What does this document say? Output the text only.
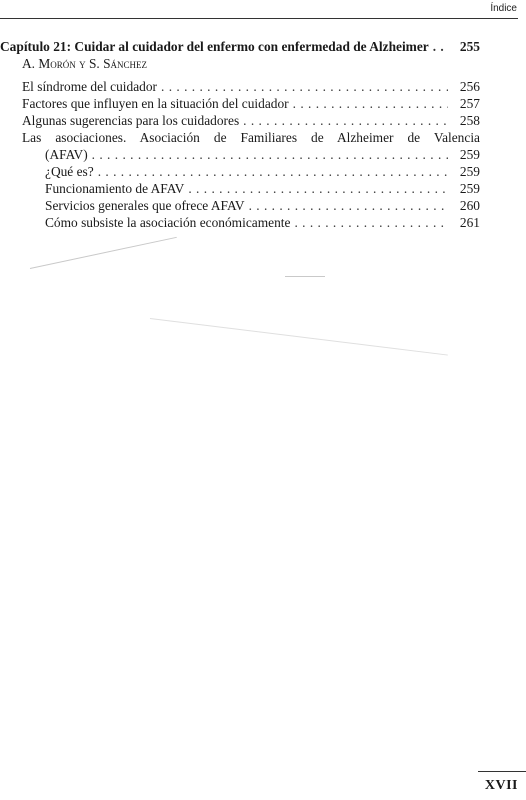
Índice
Capítulo 21: Cuidar al cuidador del enfermo con enfermedad de Alzheimer . . .	255
A. Morón y S. Sánchez
El síndrome del cuidador . . .	256
Factores que influyen en la situación del cuidador . . .	257
Algunas sugerencias para los cuidadores . . .	258
Las asociaciones. Asociación de Familiares de Alzheimer de Valencia
(AFAV) . . .	259
¿Qué es? . . .	259
Funcionamiento de AFAV . . .	259
Servicios generales que ofrece AFAV . . .	260
Cómo subsiste la asociación económicamente . . .	261
XVII
